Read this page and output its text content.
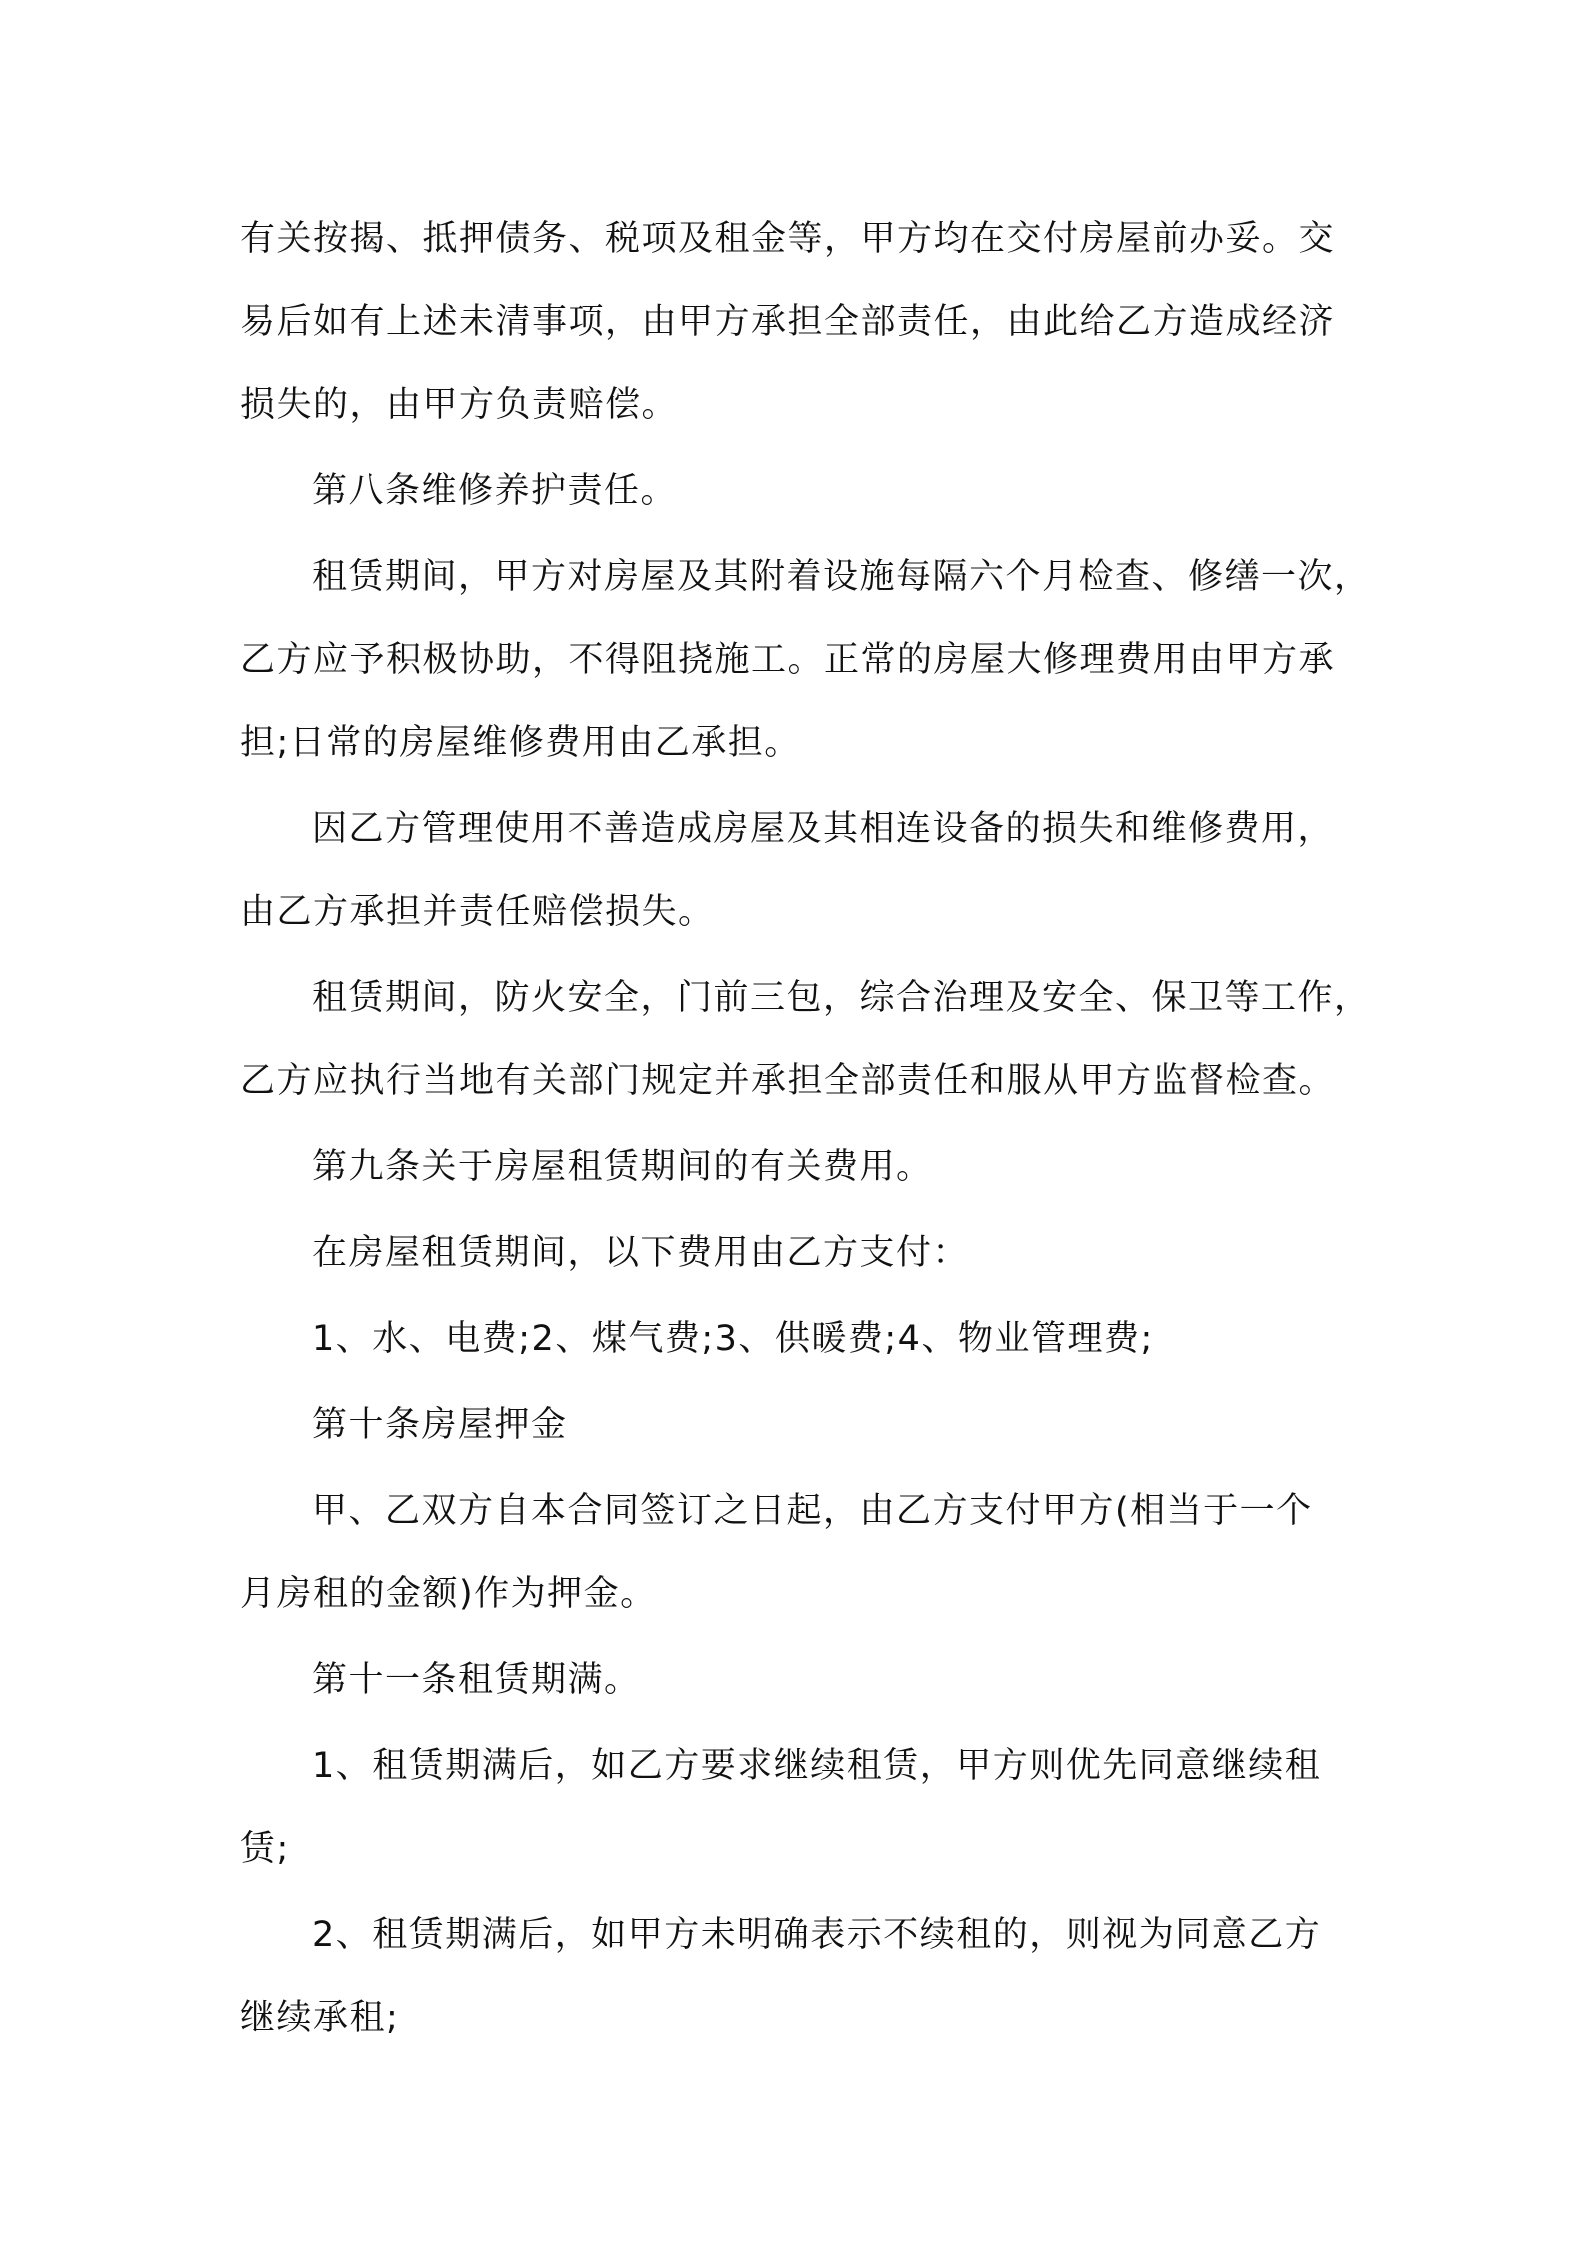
有关按揭、抵押债务、税项及租金等，甲方均在交付房屋前办妥。交
易后如有上述未清事项，由甲方承担全部责任，由此给乙方造成经济
损失的，由甲方负责赔偿。

第八条维修养护责任。

租赁期间，甲方对房屋及其附着设施每隔六个月检查、修缮一次，
乙方应予积极协助，不得阻挠施工。正常的房屋大修理费用由甲方承
担;日常的房屋维修费用由乙承担。

因乙方管理使用不善造成房屋及其相连设备的损失和维修费用，
由乙方承担并责任赔偿损失。

租赁期间，防火安全，门前三包，综合治理及安全、保卫等工作，
乙方应执行当地有关部门规定并承担全部责任和服从甲方监督检查。

第九条关于房屋租赁期间的有关费用。

在房屋租赁期间，以下费用由乙方支付：

1、水、电费;2、煤气费;3、供暖费;4、物业管理费;

第十条房屋押金

甲、乙双方自本合同签订之日起，由乙方支付甲方(相当于一个
月房租的金额)作为押金。

第十一条租赁期满。

1、租赁期满后，如乙方要求继续租赁，甲方则优先同意继续租
赁;

2、租赁期满后，如甲方未明确表示不续租的，则视为同意乙方
继续承租;
